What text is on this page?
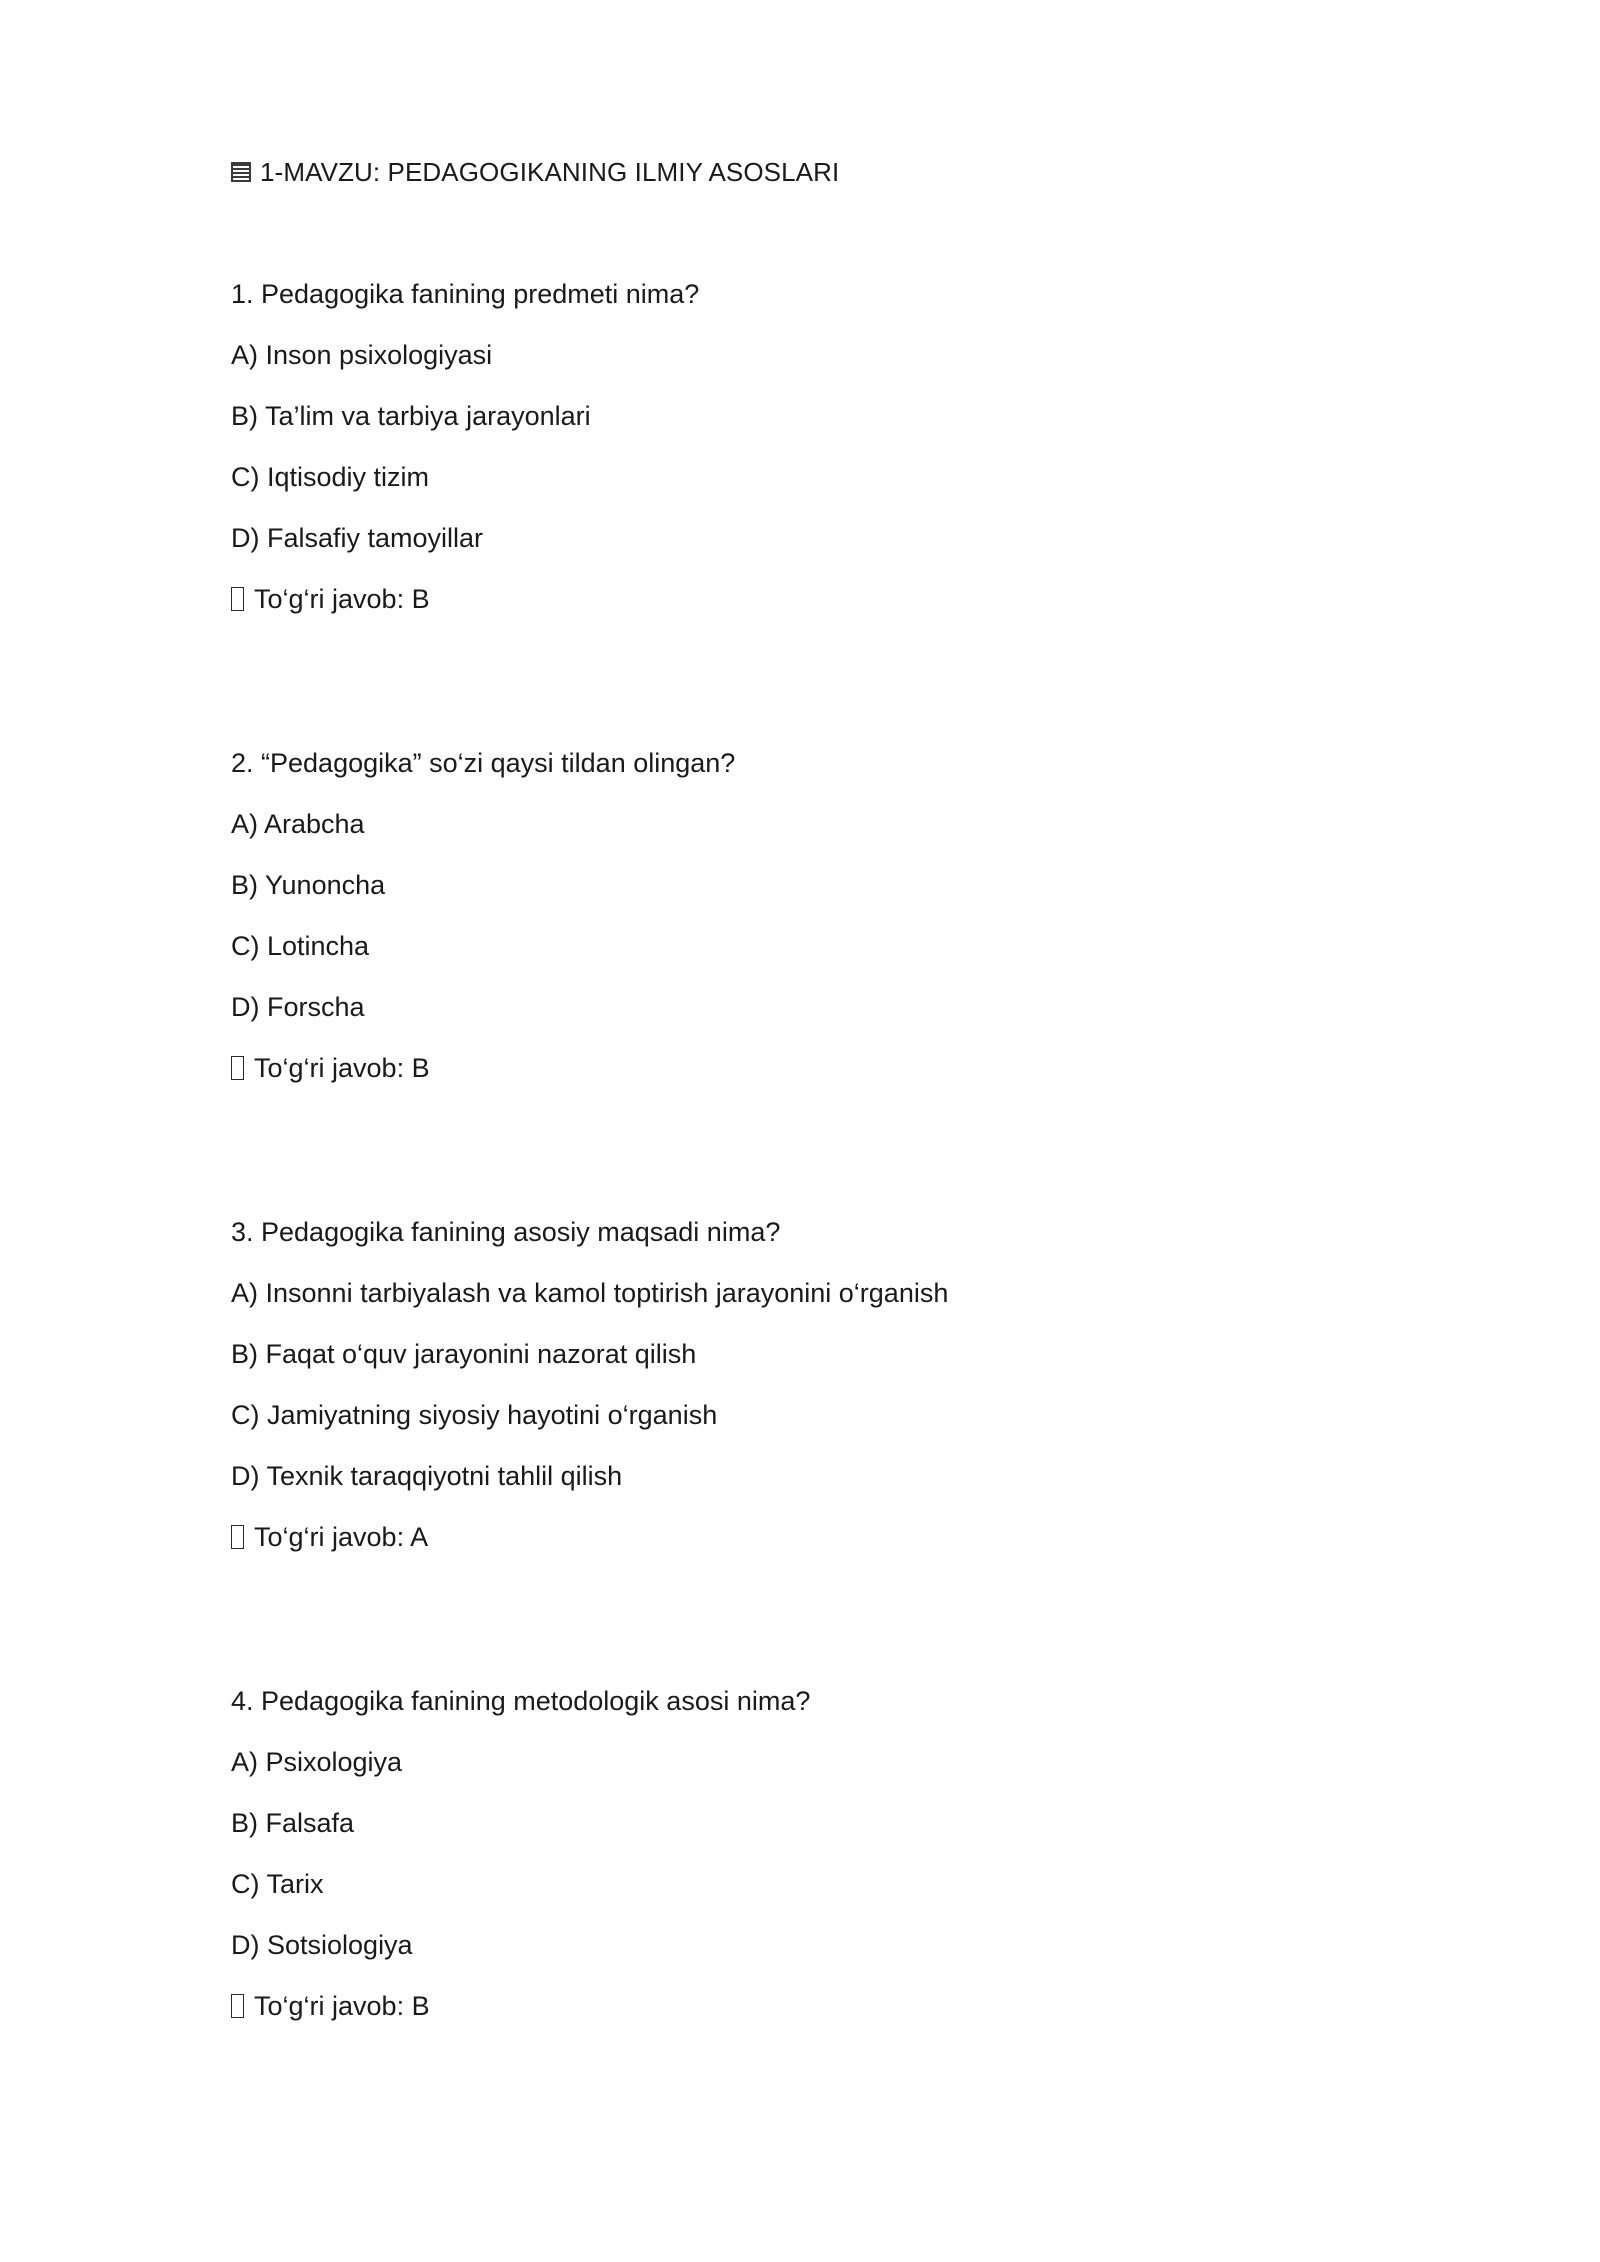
1-MAVZU: PEDAGOGIKANING ILMIY ASOSLARI
1. Pedagogika fanining predmeti nima?
A) Inson psixologiyasi
B) Ta’lim va tarbiya jarayonlari
C) Iqtisodiy tizim
D) Falsafiy tamoyillar
To‘g‘ri javob: B
2. “Pedagogika” so‘zi qaysi tildan olingan?
A) Arabcha
B) Yunoncha
C) Lotincha
D) Forscha
To‘g‘ri javob: B
3. Pedagogika fanining asosiy maqsadi nima?
A) Insonni tarbiyalash va kamol toptirish jarayonini o‘rganish
B) Faqat o‘quv jarayonini nazorat qilish
C) Jamiyatning siyosiy hayotini o‘rganish
D) Texnik taraqqiyotni tahlil qilish
To‘g‘ri javob: A
4. Pedagogika fanining metodologik asosi nima?
A) Psixologiya
B) Falsafa
C) Tarix
D) Sotsiologiya
To‘g‘ri javob: B
